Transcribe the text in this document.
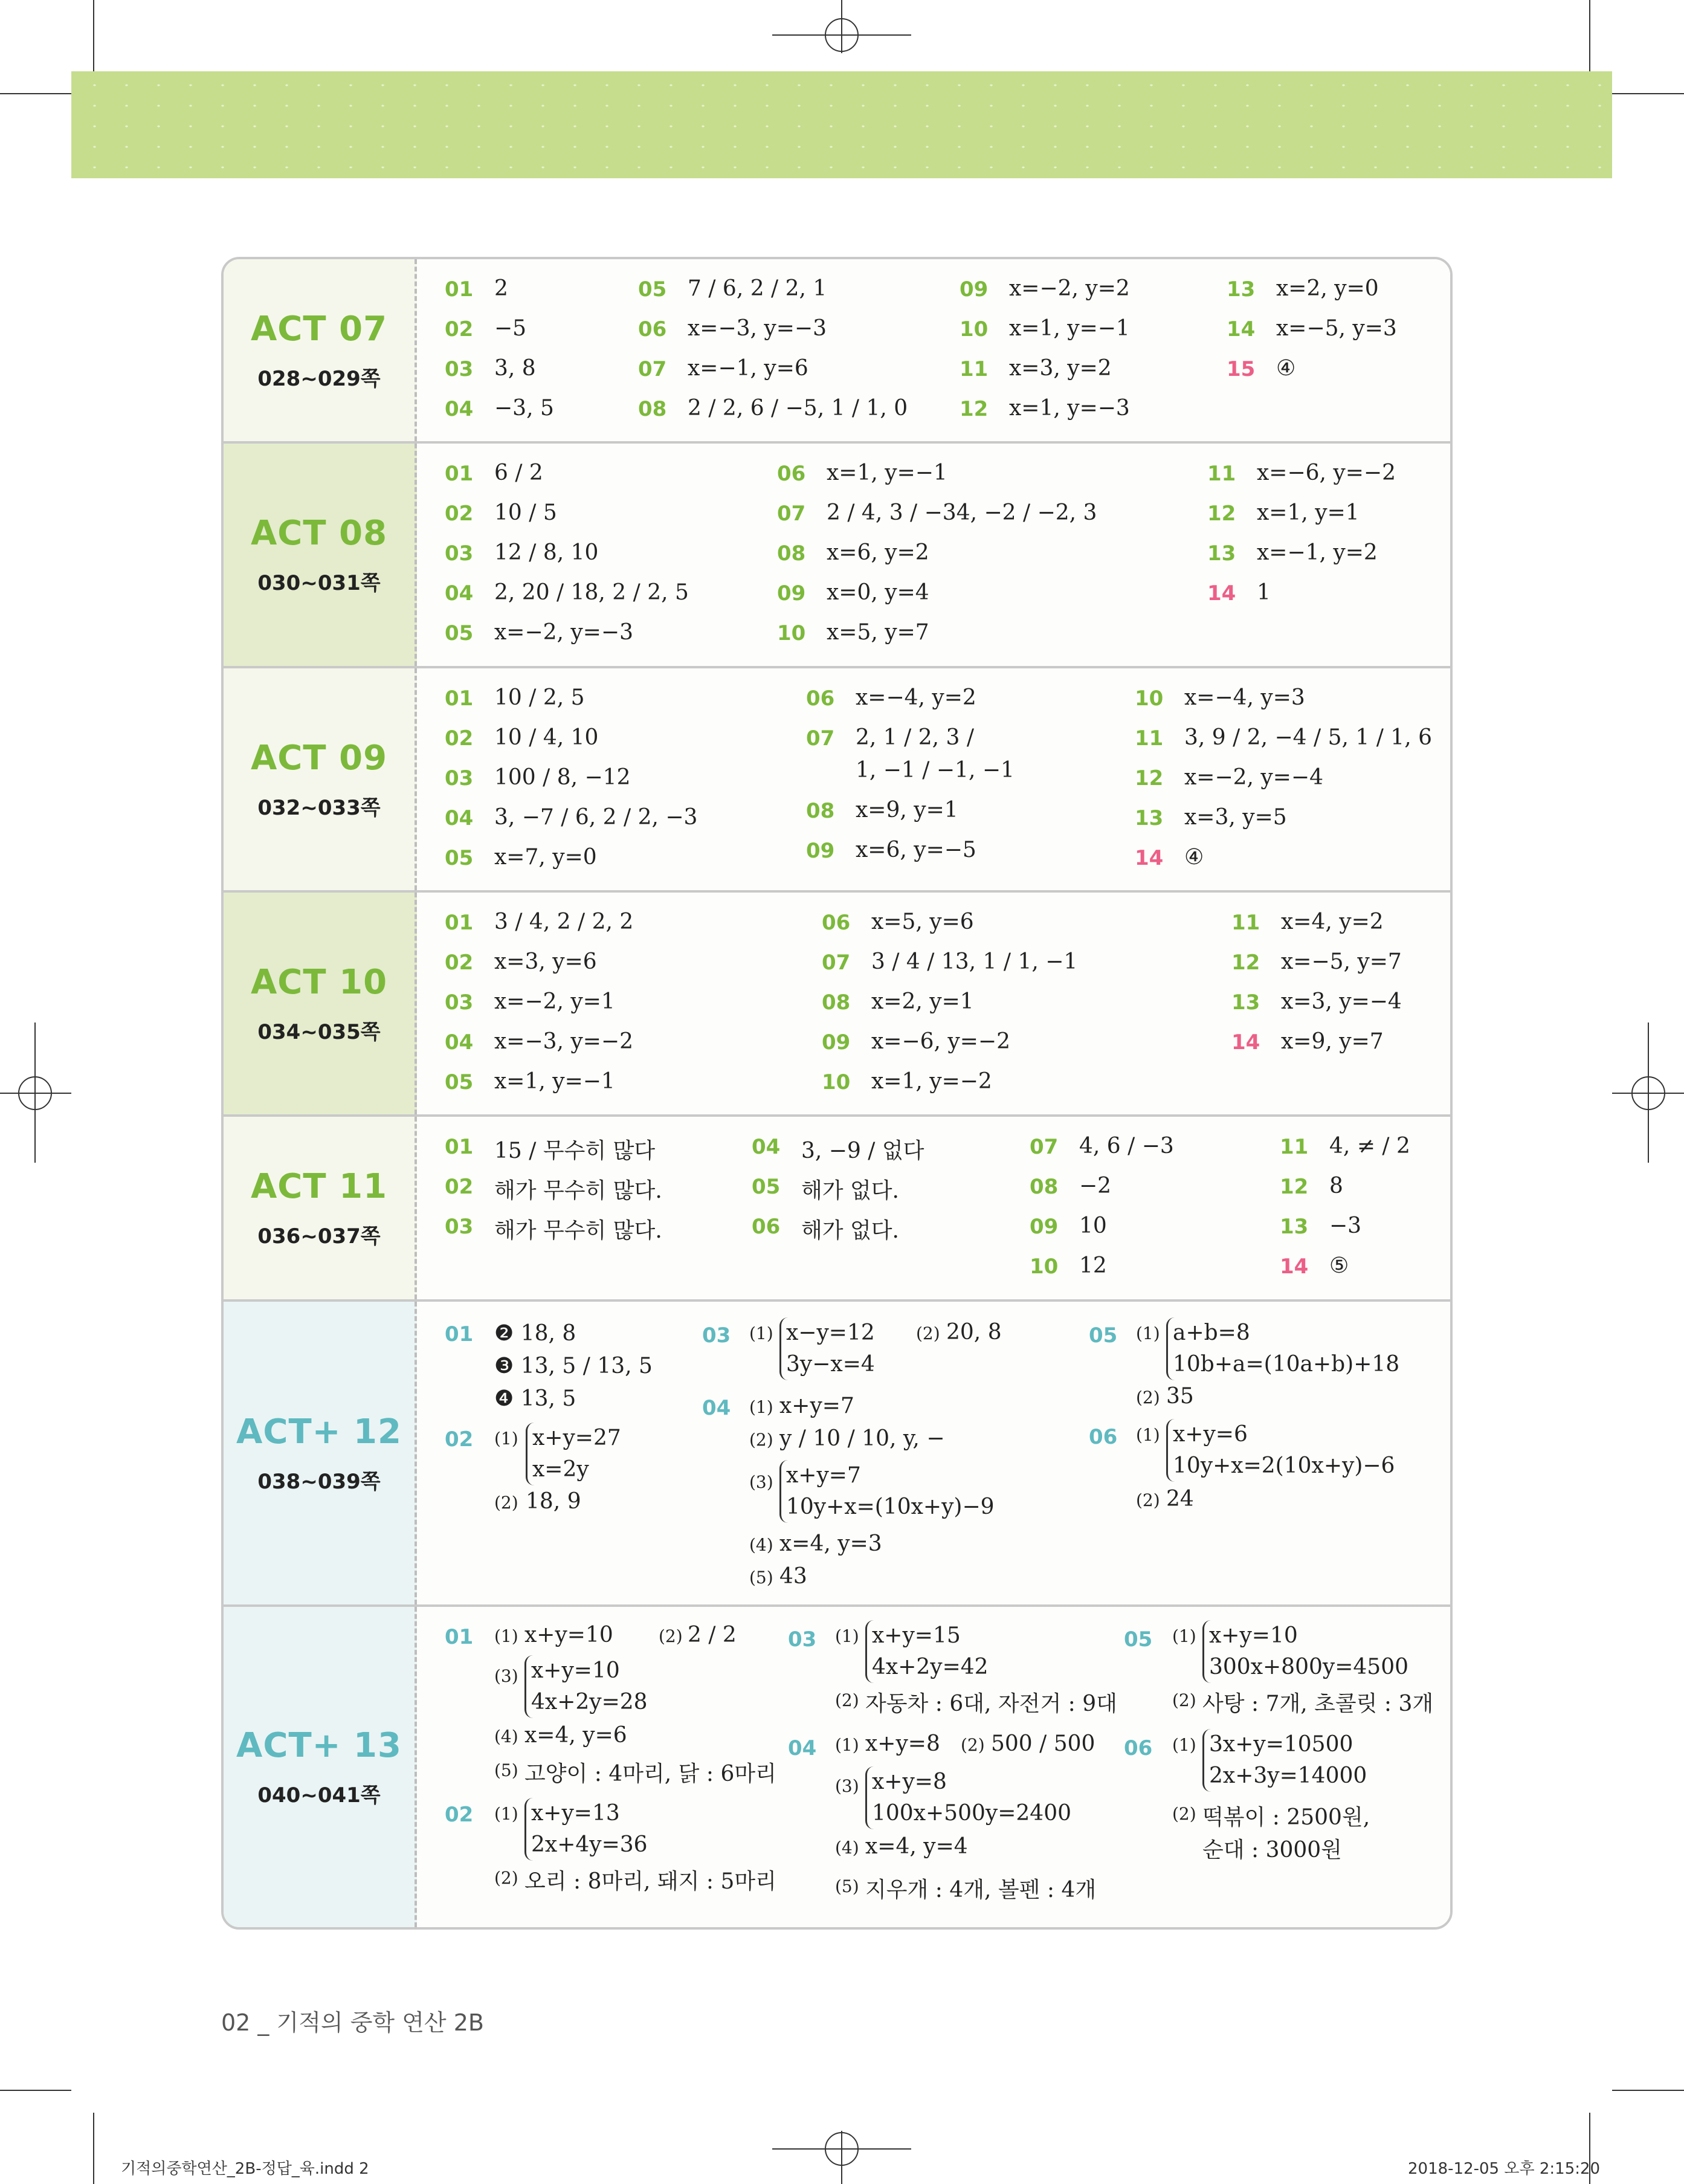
ACT 07
028~029쪽
01 2
02 −5
03 3, 8
04 −3, 5
05 7 / 6, 2 / 2, 1
06 x=−3, y=−3
07 x=−1, y=6
08 2 / 2, 6 / −5, 1 / 1, 0
09 x=−2, y=2
10 x=1, y=−1
11 x=3, y=2
12 x=1, y=−3
13 x=2, y=0
14 x=−5, y=3
15 ④
ACT 08
030~031쪽
01 6 / 2
02 10 / 5
03 12 / 8, 10
04 2, 20 / 18, 2 / 2, 5
05 x=−2, y=−3
06 x=1, y=−1
07 2 / 4, 3 / −34, −2 / −2, 3
08 x=6, y=2
09 x=0, y=4
10 x=5, y=7
11 x=−6, y=−2
12 x=1, y=1
13 x=−1, y=2
14 1
ACT 09
032~033쪽
01 10 / 2, 5
02 10 / 4, 10
03 100 / 8, −12
04 3, −7 / 6, 2 / 2, −3
05 x=7, y=0
06 x=−4, y=2
07 2, 1 / 2, 3 /
1, −1 / −1, −1
08 x=9, y=1
09 x=6, y=−5
10 x=−4, y=3
11 3, 9 / 2, −4 / 5, 1 / 1, 6
12 x=−2, y=−4
13 x=3, y=5
14 ④
ACT 10
034~035쪽
01 3 / 4, 2 / 2, 2
02 x=3, y=6
03 x=−2, y=1
04 x=−3, y=−2
05 x=1, y=−1
06 x=5, y=6
07 3 / 4 / 13, 1 / 1, −1
08 x=2, y=1
09 x=−6, y=−2
10 x=1, y=−2
11 x=4, y=2
12 x=−5, y=7
13 x=3, y=−4
14 x=9, y=7
ACT 11
036~037쪽
01 15 / 무수히 많다
02 해가 무수히 많다.
03 해가 무수히 많다.
04 3, −9 / 없다
05 해가 없다.
06 해가 없다.
07 4, 6 / −3
08 −2
09 10
10 12
11 4, ≠ / 2
12 8
13 −3
14 ⑤
ACT+ 12
038~039쪽
01 ❷ 18, 8
❸ 13, 5 / 13, 5
❹ 13, 5
02 (1) x+y=27
x=2y
(2) 18, 9
03 (1) x−y=12
3y−x=4
(2) 20, 8
04 (1) x+y=7
(2) y / 10 / 10, y, −
(3) x+y=7
10y+x=(10x+y)−9
(4) x=4, y=3
(5) 43
05 (1) a+b=8
10b+a=(10a+b)+18
(2) 35
06 (1) x+y=6
10y+x=2(10x+y)−6
(2) 24
ACT+ 13
040~041쪽
01 (1) x+y=10	(2) 2 / 2
(3) x+y=10
4x+2y=28
(4) x=4, y=6
(5) 고양이 : 4마리, 닭 : 6마리
02 (1) x+y=13
2x+4y=36
(2) 오리 : 8마리, 돼지 : 5마리
03 (1) x+y=15
4x+2y=42
(2) 자동차 : 6대, 자전거 : 9대
04 (1) x+y=8 (2) 500 / 500
(3) x+y=8
100x+500y=2400
(4) x=4, y=4
(5) 지우개 : 4개, 볼펜 : 4개
05 (1) x+y=10
300x+800y=4500
(2) 사탕 : 7개, 초콜릿 : 3개
06 (1) 3x+y=10500
2x+3y=14000
(2) 떡볶이 : 2500원,
순대 : 3000원
02 _ 기적의 중학 연산 2B
기적의중학연산_2B-정답_육.indd 2	2018-12-05 오후 2:15:20
